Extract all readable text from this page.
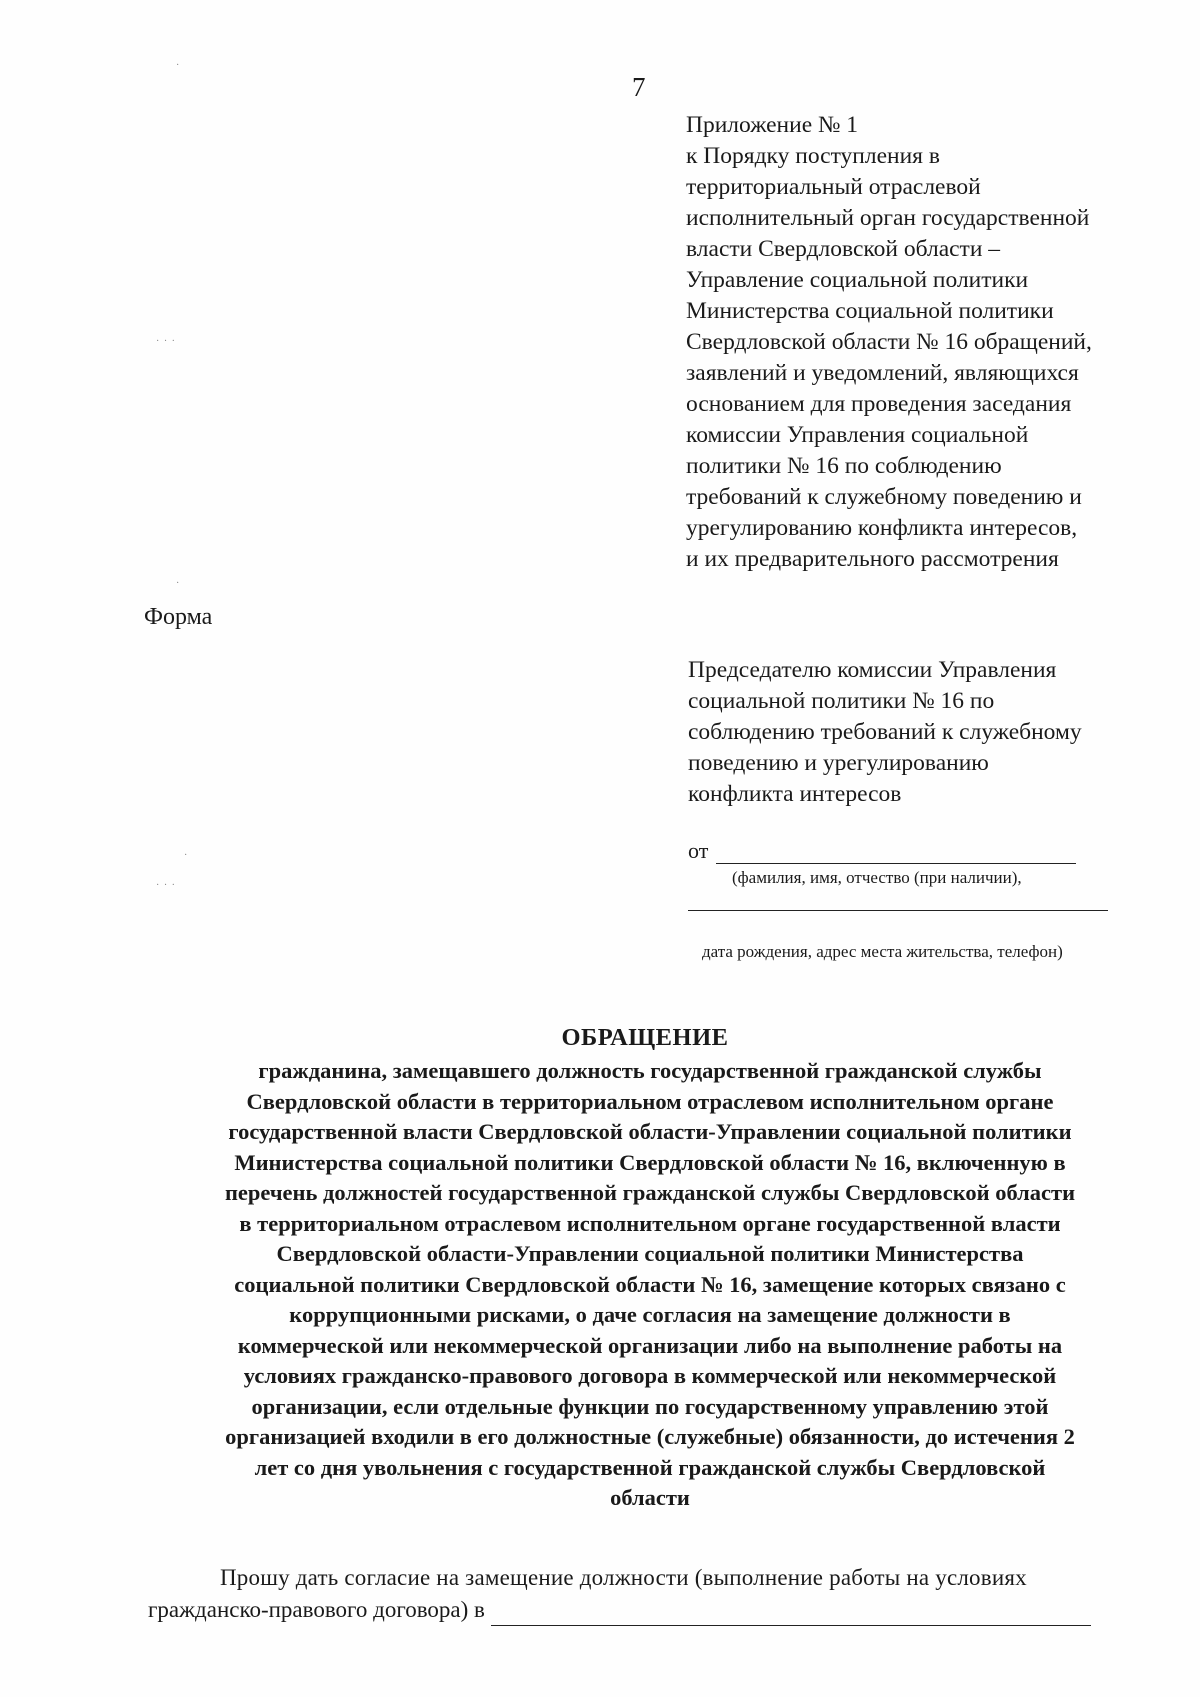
7
Приложение № 1
к Порядку поступления в
территориальный отраслевой
исполнительный орган государственной
власти Свердловской области –
Управление социальной политики
Министерства социальной политики
Свердловской области № 16 обращений,
заявлений и уведомлений, являющихся
основанием для проведения заседания
комиссии Управления социальной
политики № 16 по соблюдению
требований к служебному поведению и
урегулированию конфликта интересов,
и их предварительного рассмотрения
Форма
Председателю комиссии Управления
социальной политики № 16 по
соблюдению требований к служебному
поведению и урегулированию
конфликта интересов
от
(фамилия, имя, отчество (при наличии),
дата рождения, адрес места жительства, телефон)
ОБРАЩЕНИЕ
гражданина, замещавшего должность государственной гражданской службы
Свердловской области в территориальном отраслевом исполнительном органе
государственной власти Свердловской области-Управлении социальной политики
Министерства социальной политики Свердловской области № 16, включенную в
перечень должностей государственной гражданской службы Свердловской области
в территориальном отраслевом исполнительном органе государственной власти
Свердловской области-Управлении социальной политики Министерства
социальной политики Свердловской области № 16, замещение которых связано с
коррупционными рисками, о даче согласия на замещение должности в
коммерческой или некоммерческой организации либо на выполнение работы на
условиях гражданско-правового договора в коммерческой или некоммерческой
организации, если отдельные функции по государственному управлению этой
организацией входили в его должностные (служебные) обязанности, до истечения 2
лет со дня увольнения с государственной гражданской службы Свердловской
области
Прошу дать согласие на замещение должности (выполнение работы на условиях
гражданско-правового договора) в
·
· · ·
·
·
· · ·
